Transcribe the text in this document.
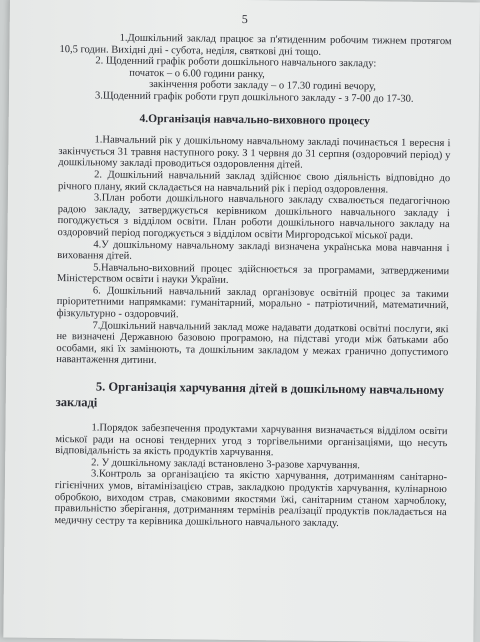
5

1.Дошкільний заклад працює за п'ятиденним робочим тижнем протягом 10,5 годин. Вихідні дні - субота, неділя, святкові дні тощо.

2. Щоденний графік роботи дошкільного навчального закладу:

початок – о 6.00 години ранку,

закінчення роботи закладу – о 17.30 годині вечору,

3.Щоденний графік роботи груп дошкільного закладу - з 7-00 до 17-30.

4.Організація навчально-виховного процесу

1.Навчальний рік у дошкільному навчальному закладі починається 1 вересня і закінчується 31 травня наступного року. З 1 червня до 31 серпня (оздоровчий період) у дошкільному закладі проводиться оздоровлення дітей.

2. Дошкільний навчальний заклад здійснює свою діяльність відповідно до річного плану, який складається на навчальний рік і період оздоровлення.

3.План роботи дошкільного навчального закладу схвалюється педагогічною радою закладу, затверджується керівником дошкільного навчального закладу і погоджується з відділом освіти. План роботи дошкільного навчального закладу на оздоровчий період погоджується з відділом освіти Миргородської міської ради.

4.У дошкільному навчальному закладі визначена українська мова навчання і виховання дітей.

5.Навчально-виховний процес здійснюється за програмами, затвердженими Міністерством освіти і науки України.

6. Дошкільний навчальний заклад організовує освітній процес за такими пріоритетними напрямками: гуманітарний, морально - патріотичний, математичний, фізкультурно - оздоровчий.

7.Дошкільний навчальний заклад може надавати додаткові освітні послуги, які не визначені Державною базовою програмою, на підставі угоди між батьками або особами, які їх замінюють, та дошкільним закладом у межах гранично допустимого навантаження дитини.

5. Організація харчування дітей в дошкільному навчальному закладі

1.Порядок забезпечення продуктами харчування визначається відділом освіти міської ради на основі тендерних угод з торгівельними організаціями, що несуть відповідальність за якість продуктів харчування.

2. У дошкільному закладі встановлено 3-разове харчування.

3.Контроль за організацією та якістю харчування, дотриманням санітарно-гігієнічних умов, вітамінізацією страв, закладкою продуктів харчування, кулінарною обробкою, виходом страв, смаковими якостями їжі, санітарним станом харчоблоку, правильністю зберігання, дотриманням термінів реалізації продуктів покладається на медичну сестру та керівника дошкільного навчального закладу.
